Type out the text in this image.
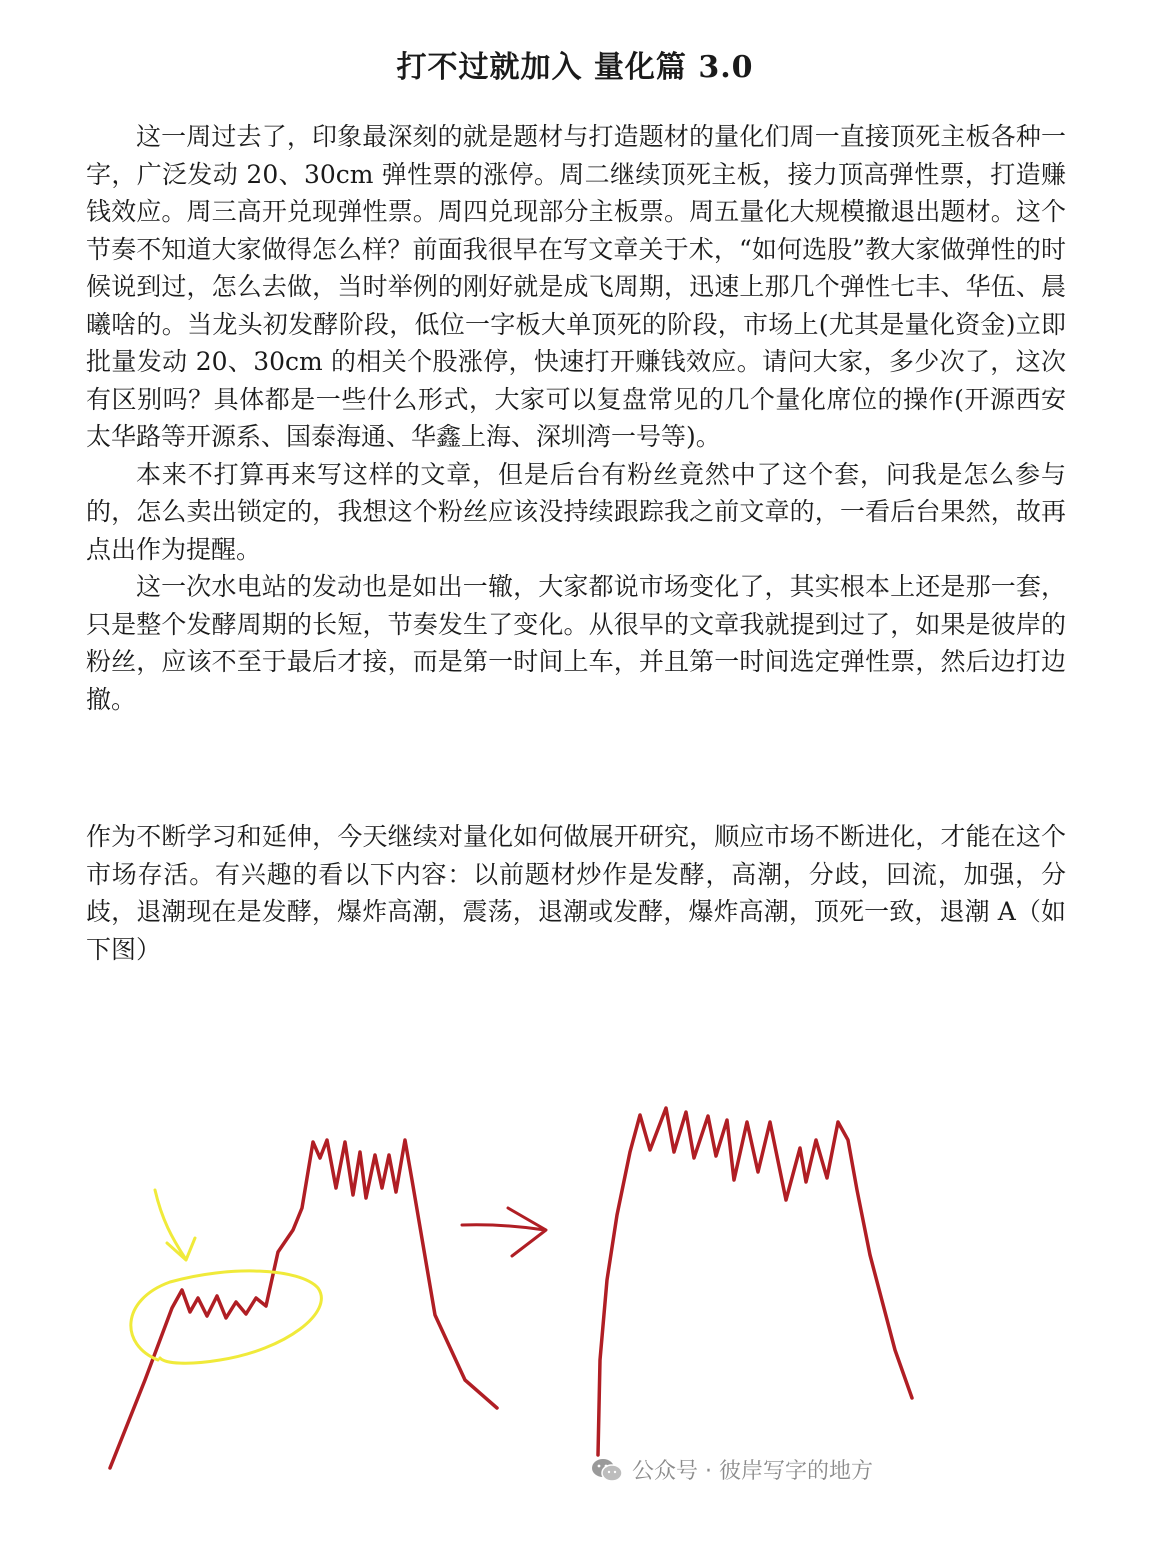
打不过就加入 量化篇 3.0

这一周过去了，印象最深刻的就是题材与打造题材的量化们周一直接顶死主板各种一字，广泛发动 20、30cm 弹性票的涨停。周二继续顶死主板，接力顶高弹性票，打造赚钱效应。周三高开兑现弹性票。周四兑现部分主板票。周五量化大规模撤退出题材。这个节奏不知道大家做得怎么样？前面我很早在写文章关于术，“如何选股”教大家做弹性的时候说到过，怎么去做，当时举例的刚好就是成飞周期，迅速上那几个弹性七丰、华伍、晨曦啥的。当龙头初发酵阶段，低位一字板大单顶死的阶段，市场上(尤其是量化资金)立即批量发动 20、30cm 的相关个股涨停，快速打开赚钱效应。请问大家，多少次了，这次有区别吗？具体都是一些什么形式，大家可以复盘常见的几个量化席位的操作(开源西安太华路等开源系、国泰海通、华鑫上海、深圳湾一号等)。

本来不打算再来写这样的文章，但是后台有粉丝竟然中了这个套，问我是怎么参与的，怎么卖出锁定的，我想这个粉丝应该没持续跟踪我之前文章的，一看后台果然，故再点出作为提醒。

这一次水电站的发动也是如出一辙，大家都说市场变化了，其实根本上还是那一套，只是整个发酵周期的长短，节奏发生了变化。从很早的文章我就提到过了，如果是彼岸的粉丝，应该不至于最后才接，而是第一时间上车，并且第一时间选定弹性票，然后边打边撤。

作为不断学习和延伸，今天继续对量化如何做展开研究，顺应市场不断进化，才能在这个市场存活。有兴趣的看以下内容：以前题材炒作是发酵，高潮，分歧，回流，加强，分歧，退潮现在是发酵，爆炸高潮，震荡，退潮或发酵，爆炸高潮，顶死一致，退潮 A（如下图）

公众号 · 彼岸写字的地方
